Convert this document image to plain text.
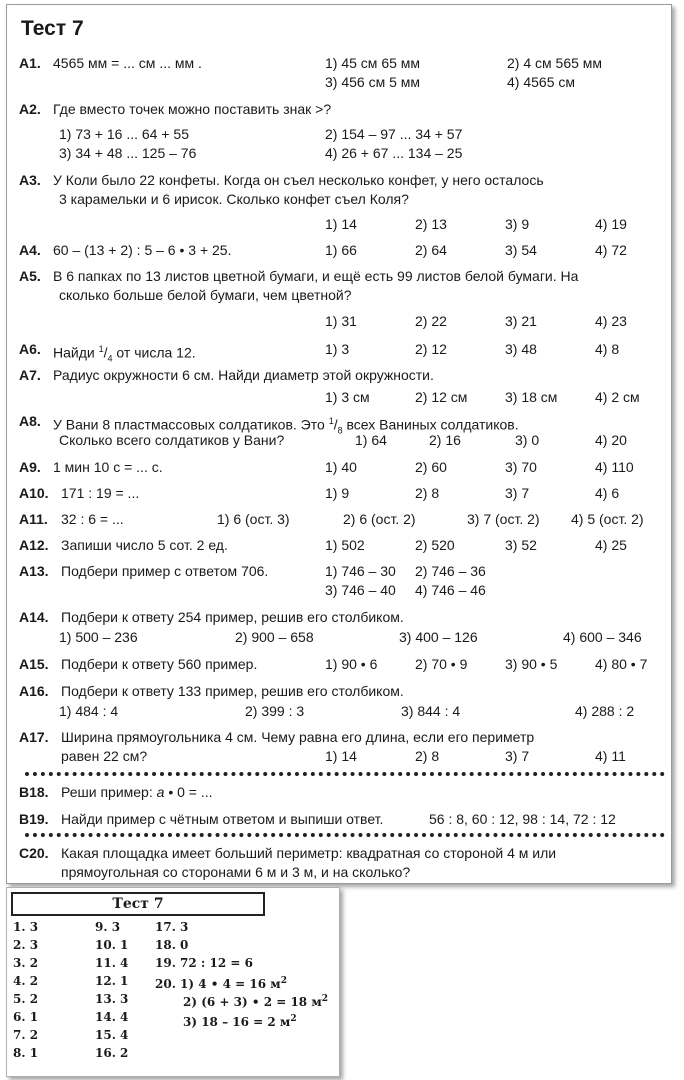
Тест 7
А1. 4565 мм = ... см ... мм .	1) 45 см 65 мм	2) 4 см 565 мм
3) 456 см 5 мм	4) 4565 см
А2. Где вместо точек можно поставить знак >?
1) 73 + 16 ... 64 + 55	2) 154 – 97 ... 34 + 57
3) 34 + 48 ... 125 – 76	4) 26 + 67 ... 134 – 25
А3. У Коли было 22 конфеты. Когда он съел несколько конфет, у него осталось
3 карамельки и 6 ирисок. Сколько конфет съел Коля?
1) 14	2) 13	3) 9	4) 19
А4. 60 – (13 + 2) : 5 – 6 • 3 + 25.	1) 66	2) 64	3) 54	4) 72
А5. В 6 папках по 13 листов цветной бумаги, и ещё есть 99 листов белой бумаги. На
сколько больше белой бумаги, чем цветной?
1) 31	2) 22	3) 21	4) 23
А6. Найди $^1/_4$ от числа 12.	1) 3	2) 12	3) 48	4) 8
А7. Радиус окружности 6 см. Найди диаметр этой окружности.
1) 3 см	2) 12 см	3) 18 см	4) 2 см
А8. У Вани 8 пластмассовых солдатиков. Это $^1/_8$ всех Ваниных солдатиков.
Сколько всего солдатиков у Вани?	1) 64	2) 16	3) 0	4) 20
А9. 1 мин 10 с = ... с.	1) 40	2) 60	3) 70	4) 110
А10. 171 : 19 = ...	1) 9	2) 8	3) 7	4) 6
А11. 32 : 6 = ...	1) 6 (ост. 3)	2) 6 (ост. 2)	3) 7 (ост. 2) 4) 5 (ост. 2)
А12. Запиши число 5 сот. 2 ед.	1) 502	2) 520	3) 52	4) 25
А13. Подбери пример с ответом 706.	1) 746 – 30 2) 746 – 36
3) 746 – 40 4) 746 – 46
А14. Подбери к ответу 254 пример, решив его столбиком.
1) 500 – 236	2) 900 – 658	3) 400 – 126	4) 600 – 346
А15. Подбери к ответу 560 пример.	1) 90 • 6	2) 70 • 9	3) 90 • 5	4) 80 • 7
А16. Подбери к ответу 133 пример, решив его столбиком.
1) 484 : 4	2) 399 : 3	3) 844 : 4	4) 288 : 2
А17. Ширина прямоугольника 4 см. Чему равна его длина, если его периметр
равен 22 см?	1) 14	2) 8	3) 7	4) 11
В18. Реши пример: а • 0 = ...
В19. Найди пример с чётным ответом и выпиши ответ.	56 : 8, 60 : 12, 98 : 14, 72 : 12
С20. Какая площадка имеет больший периметр: квадратная со стороной 4 м или
прямоугольная со сторонами 6 м и 3 м, и на сколько?
Тест 7
1. 3
2. 3
3. 2
4. 2
5. 2
6. 1
7. 2
8. 1
9. 3
10. 1
11. 4
12. 1
13. 3
14. 4
15. 4
16. 2
17. 3
18. 0
19. 72 : 12 = 6
20. 1) 4 • 4 = 16 $м^2$
2) (6 + 3) • 2 = 18 $м^2$
3) 18 – 16 = 2 $м^2$
